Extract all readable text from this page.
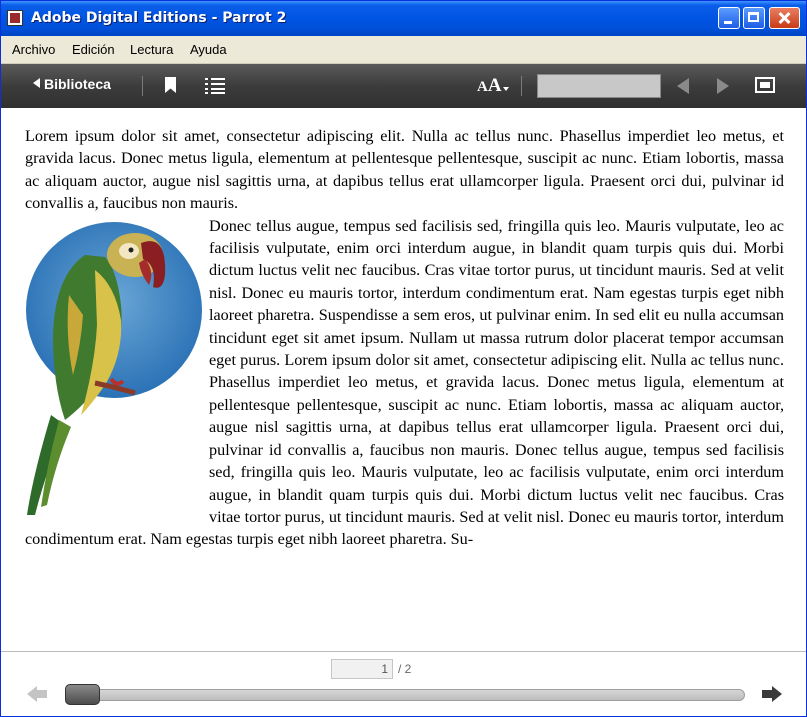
Adobe Digital Editions - Parrot 2
Archivo Edición Lectura Ayuda
Biblioteca	AA

Lorem ipsum dolor sit amet, consectetur adipiscing elit. Nulla ac tellus nunc. Phasellus imperdiet leo metus, et gravida lacus. Donec metus ligula, elementum at pellentesque pellentesque, suscipit ac nunc. Etiam lobortis, massa ac aliquam auctor, augue nisl sagittis urna, at dapibus tellus erat ullamcorper ligula. Praesent orci dui, pulvinar id convallis a, faucibus non mauris.

Donec tellus augue, tempus sed facilisis sed, fringilla quis leo. Mauris vulputate, leo ac facilisis vulputate, enim orci interdum augue, in blandit quam turpis quis dui. Morbi dictum luctus velit nec faucibus. Cras vitae tortor purus, ut tincidunt mauris. Sed at velit nisl. Donec eu mauris tortor, interdum condimentum erat. Nam egestas turpis eget nibh laoreet pharetra. Suspendisse a sem eros, ut pulvinar enim. In sed elit eu nulla accumsan tincidunt eget sit amet ipsum. Nullam ut massa rutrum dolor placerat tempor accumsan eget purus. Lorem ipsum dolor sit amet, consectetur adipiscing elit. Nulla ac tellus nunc. Phasellus imperdiet leo metus, et gravida lacus. Donec metus ligula, elementum at pellentesque pellentesque, suscipit ac nunc. Etiam lobortis, massa ac aliquam auctor, augue nisl sagittis urna, at dapibus tellus erat ullamcorper ligula. Praesent orci dui, pulvinar id convallis a, faucibus non mauris. Donec tellus augue, tempus sed facilisis sed, fringilla quis leo. Mauris vulputate, leo ac facilisis vulputate, enim orci interdum augue, in blandit quam turpis quis dui. Morbi dictum luctus velit nec faucibus. Cras vitae tortor purus, ut tincidunt mauris. Sed at velit nisl. Donec eu mauris tortor, interdum condimentum erat. Nam egestas turpis eget nibh laoreet pharetra. Su-

1 / 2
